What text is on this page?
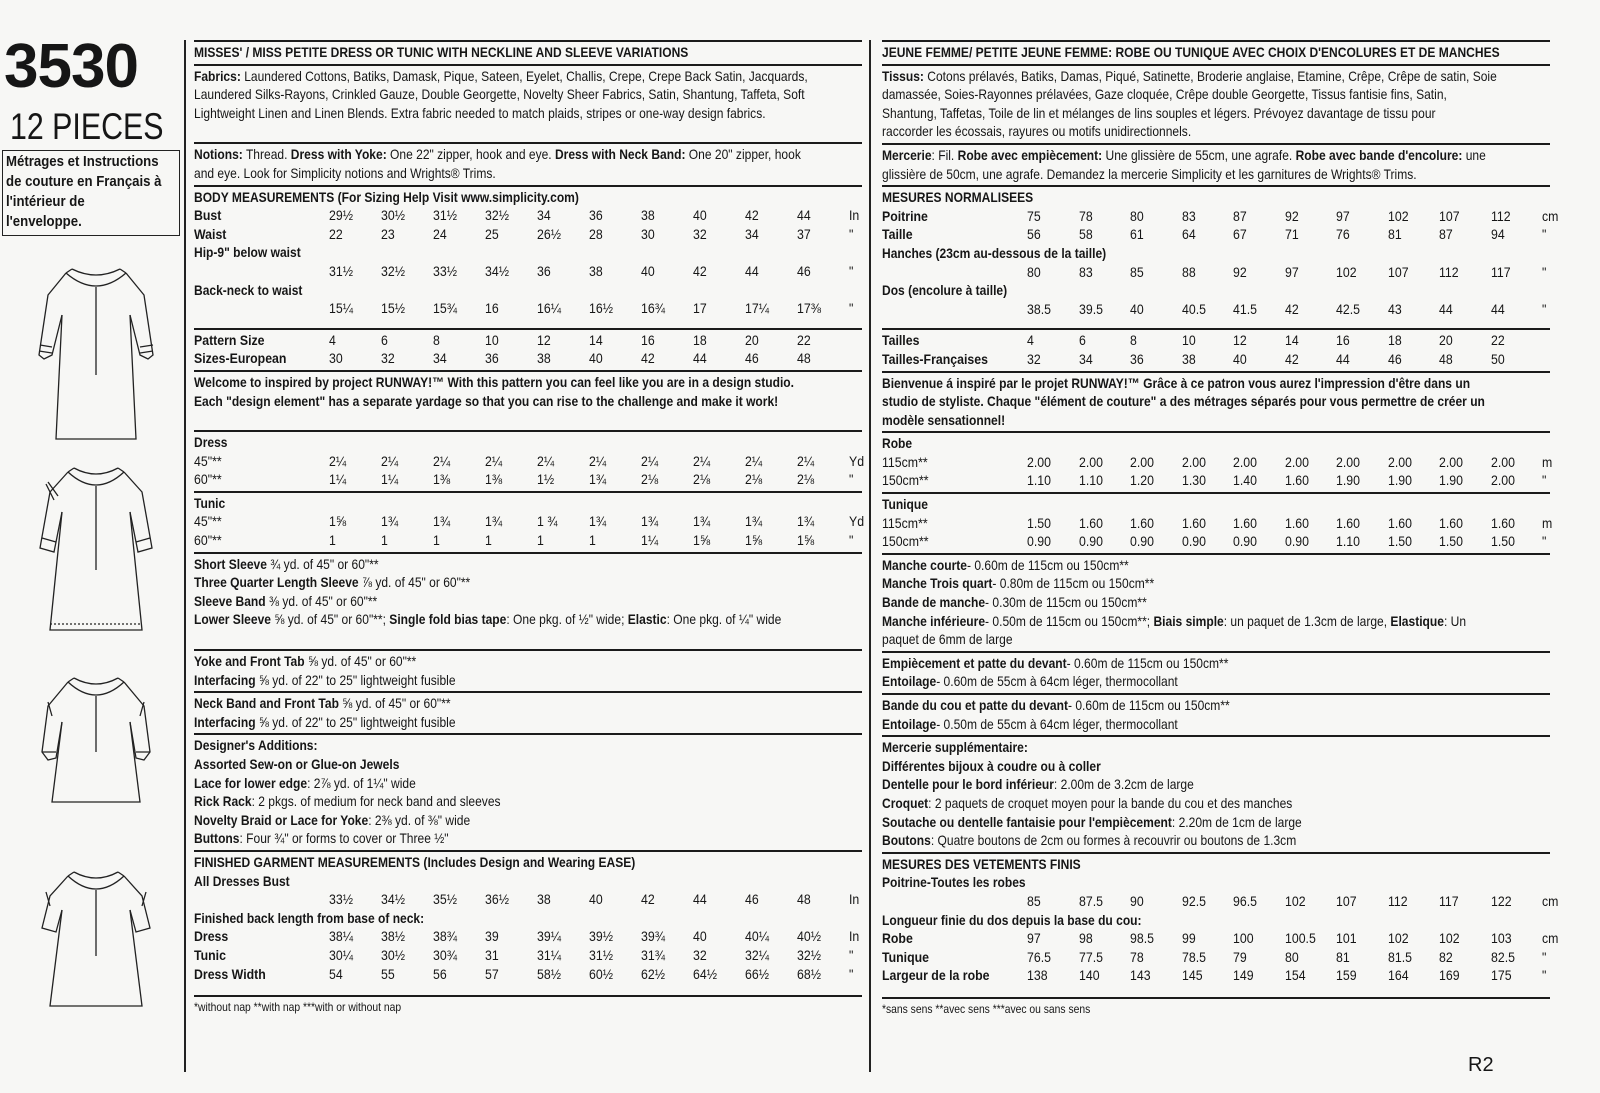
3530
12 PIECES
Métrages et Instructions
de couture en Français à
l'intérieur de
l'enveloppe.
MISSES' / MISS PETITE DRESS OR TUNIC WITH NECKLINE AND SLEEVE VARIATIONS
Fabrics: Laundered Cottons, Batiks, Damask, Pique, Sateen, Eyelet, Challis, Crepe, Crepe Back Satin, Jacquards,
Laundered Silks-Rayons, Crinkled Gauze, Double Georgette, Novelty Sheer Fabrics, Satin, Shantung, Taffeta, Soft
Lightweight Linen and Linen Blends. Extra fabric needed to match plaids, stripes or one-way design fabrics.
Notions: Thread. Dress with Yoke: One 22" zipper, hook and eye. Dress with Neck Band: One 20" zipper, hook
and eye. Look for Simplicity notions and Wrights® Trims.
BODY MEASUREMENTS (For Sizing Help Visit www.simplicity.com)
Bust	29½	30½	31½	32½	34	36	38	40	42	44	In
Waist	22	23	24	25	26½	28	30	32	34	37	"
Hip-9" below waist
31½	32½	33½	34½	36	38	40	42	44	46	"
Back-neck to waist
15¼	15½	15¾	16	16¼	16½	16¾	17	17¼	17⅜	"
Pattern Size	4	6	8	10	12	14	16	18	20	22
Sizes-European	30	32	34	36	38	40	42	44	46	48
Welcome to inspired by project RUNWAY!™ With this pattern you can feel like you are in a design studio.
Each "design element" has a separate yardage so that you can rise to the challenge and make it work!
Dress
45"**	2¼	2¼	2¼	2¼	2¼	2¼	2¼	2¼	2¼	2¼	Yd
60"**	1¼	1¼	1⅜	1⅜	1½	1¾	2⅛	2⅛	2⅛	2⅛	"
Tunic
45"**	1⅝	1¾	1¾	1¾	1 ¾	1¾	1¾	1¾	1¾	1¾	Yd
60"**	1	1	1	1	1	1	1¼	1⅝	1⅝	1⅝	"
Short Sleeve ¾ yd. of 45" or 60"**
Three Quarter Length Sleeve ⅞ yd. of 45" or 60"**
Sleeve Band ⅜ yd. of 45" or 60"**
Lower Sleeve ⅝ yd. of 45" or 60"**; Single fold bias tape: One pkg. of ½" wide; Elastic: One pkg. of ¼" wide
Yoke and Front Tab ⅝ yd. of 45" or 60"**
Interfacing ⅝ yd. of 22" to 25" lightweight fusible
Neck Band and Front Tab ⅝ yd. of 45" or 60"**
Interfacing ⅝ yd. of 22" to 25" lightweight fusible
Designer's Additions:
Assorted Sew-on or Glue-on Jewels
Lace for lower edge: 2⅞ yd. of 1¼" wide
Rick Rack: 2 pkgs. of medium for neck band and sleeves
Novelty Braid or Lace for Yoke: 2⅜ yd. of ⅜" wide
Buttons: Four ¾" or forms to cover or Three ½"
FINISHED GARMENT MEASUREMENTS (Includes Design and Wearing EASE)
All Dresses Bust
33½	34½	35½	36½	38	40	42	44	46	48	In
Finished back length from base of neck:
Dress	38¼	38½	38¾	39	39¼	39½	39¾	40	40¼	40½	In
Tunic	30¼	30½	30¾	31	31¼	31½	31¾	32	32¼	32½	"
Dress Width	54	55	56	57	58½	60½	62½	64½	66½	68½	"
*without nap **with nap ***with or without nap
JEUNE FEMME/ PETITE JEUNE FEMME: ROBE OU TUNIQUE AVEC CHOIX D'ENCOLURES ET DE MANCHES
Tissus: Cotons prélavés, Batiks, Damas, Piqué, Satinette, Broderie anglaise, Etamine, Crêpe, Crêpe de satin, Soie
damassée, Soies-Rayonnes prélavées, Gaze cloquée, Crêpe double Georgette, Tissus fantisie fins, Satin,
Shantung, Taffetas, Toile de lin et mélanges de lins souples et légers. Prévoyez davantage de tissu pour
raccorder les écossais, rayures ou motifs unidirectionnels.
Mercerie: Fil. Robe avec empiècement: Une glissière de 55cm, une agrafe. Robe avec bande d'encolure: une
glissière de 50cm, une agrafe. Demandez la mercerie Simplicity et les garnitures de Wrights® Trims.
MESURES NORMALISEES
Poitrine	75	78	80	83	87	92	97	102	107	112	cm
Taille	56	58	61	64	67	71	76	81	87	94	"
Hanches (23cm au-dessous de la taille)
80	83	85	88	92	97	102	107	112	117	"
Dos (encolure à taille)
38.5	39.5	40	40.5	41.5	42	42.5	43	44	44	"
Tailles	4	6	8	10	12	14	16	18	20	22
Tailles-Françaises	32	34	36	38	40	42	44	46	48	50
Bienvenue á inspiré par le projet RUNWAY!™ Grâce à ce patron vous aurez l'impression d'être dans un
studio de styliste. Chaque "élément de couture" a des métrages séparés pour vous permettre de créer un
modèle sensationnel!
Robe
115cm**	2.00	2.00	2.00	2.00	2.00	2.00	2.00	2.00	2.00	2.00	m
150cm**	1.10	1.10	1.20	1.30	1.40	1.60	1.90	1.90	1.90	2.00	"
Tunique
115cm**	1.50	1.60	1.60	1.60	1.60	1.60	1.60	1.60	1.60	1.60	m
150cm**	0.90	0.90	0.90	0.90	0.90	0.90	1.10	1.50	1.50	1.50	"
Manche courte- 0.60m de 115cm ou 150cm**
Manche Trois quart- 0.80m de 115cm ou 150cm**
Bande de manche- 0.30m de 115cm ou 150cm**
Manche inférieure- 0.50m de 115cm ou 150cm**; Biais simple: un paquet de 1.3cm de large, Elastique: Un
paquet de 6mm de large
Empiècement et patte du devant- 0.60m de 115cm ou 150cm**
Entoilage- 0.60m de 55cm à 64cm léger, thermocollant
Bande du cou et patte du devant- 0.60m de 115cm ou 150cm**
Entoilage- 0.50m de 55cm à 64cm léger, thermocollant
Mercerie supplémentaire:
Différentes bijoux à coudre ou à coller
Dentelle pour le bord inférieur: 2.00m de 3.2cm de large
Croquet: 2 paquets de croquet moyen pour la bande du cou et des manches
Soutache ou dentelle fantaisie pour l'empiècement: 2.20m de 1cm de large
Boutons: Quatre boutons de 2cm ou formes à recouvrir ou boutons de 1.3cm
MESURES DES VETEMENTS FINIS
Poitrine-Toutes les robes
85	87.5	90	92.5	96.5	102	107	112	117	122	cm
Longueur finie du dos depuis la base du cou:
Robe	97	98	98.5	99	100	100.5	101	102	102	103	cm
Tunique	76.5	77.5	78	78.5	79	80	81	81.5	82	82.5	"
Largeur de la robe	138	140	143	145	149	154	159	164	169	175	"
*sans sens **avec sens ***avec ou sans sens
R2
